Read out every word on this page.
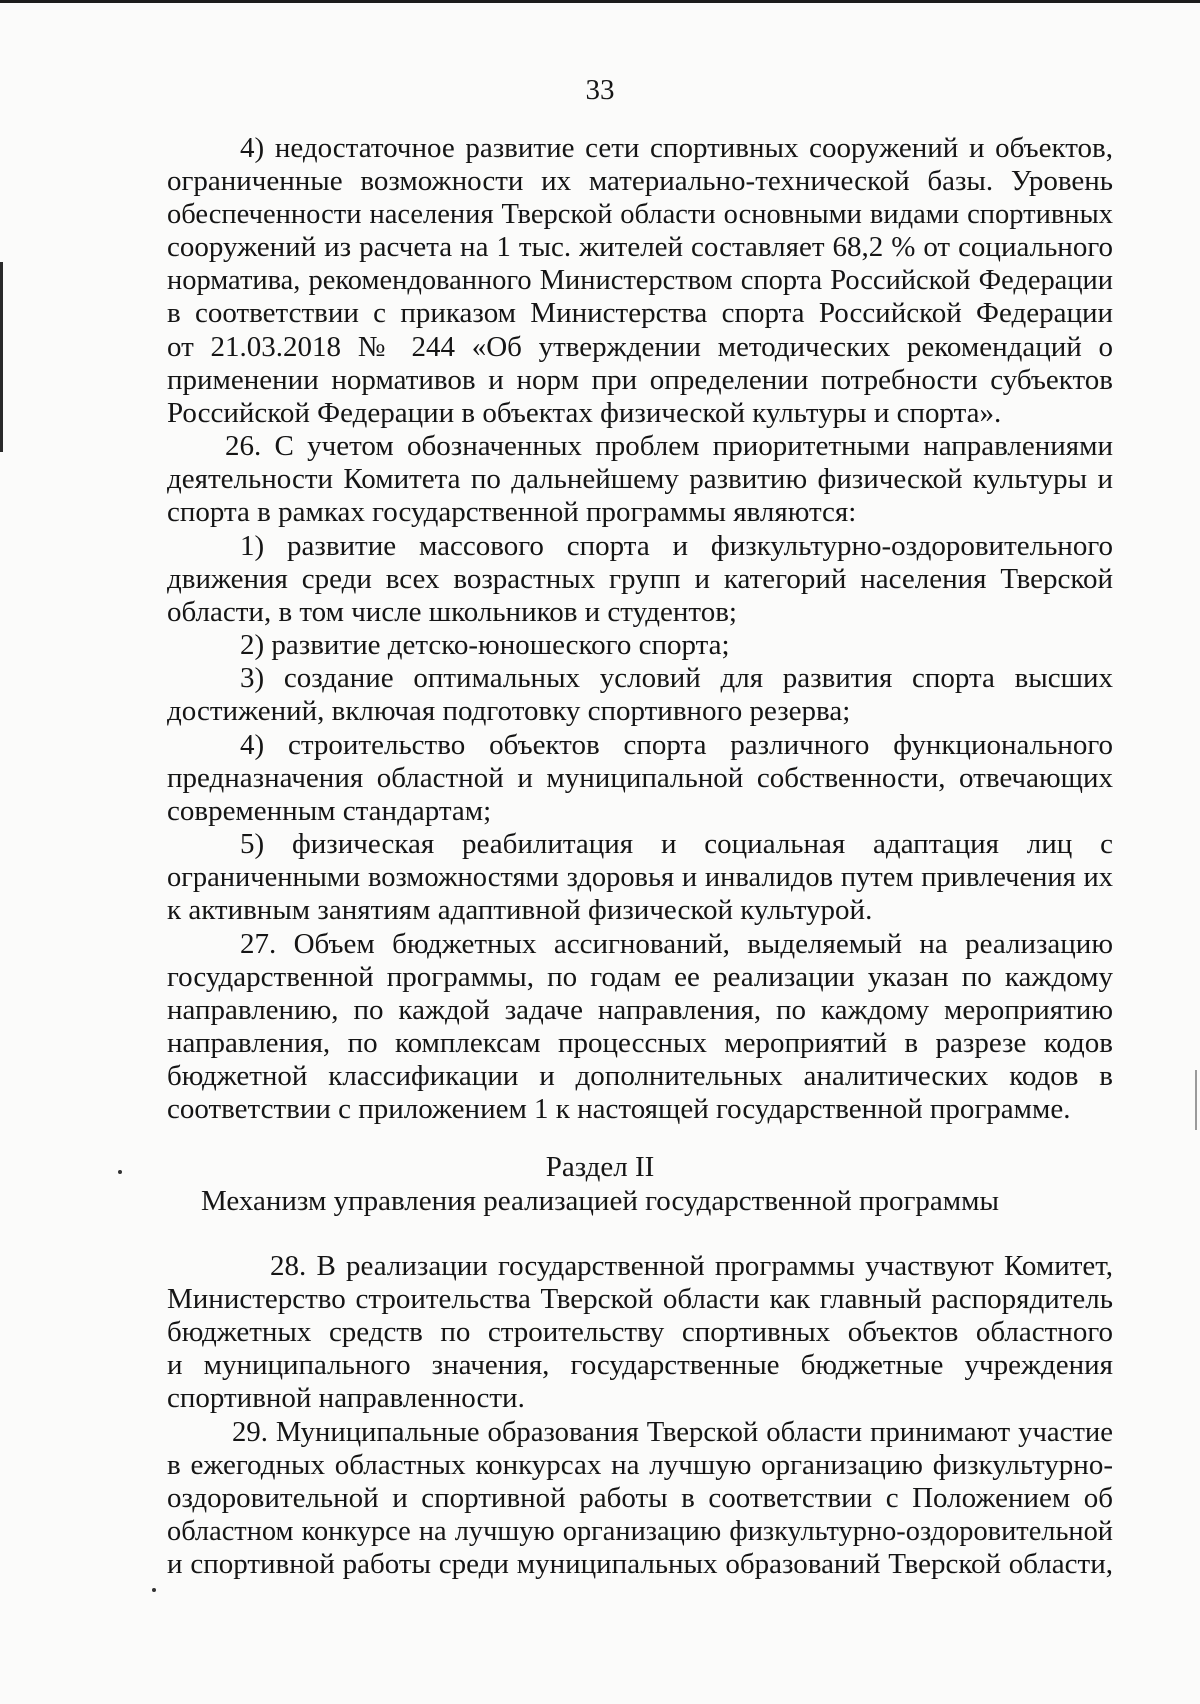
33
4) недостаточное развитие сети спортивных сооружений и объектов,
ограниченные возможности их материально-технической базы. Уровень
обеспеченности населения Тверской области основными видами спортивных
сооружений из расчета на 1 тыс. жителей составляет 68,2 % от социального
норматива, рекомендованного Министерством спорта Российской Федерации
в соответствии с приказом Министерства спорта Российской Федерации
от 21.03.2018 № 244 «Об утверждении методических рекомендаций о
применении нормативов и норм при определении потребности субъектов
Российской Федерации в объектах физической культуры и спорта».
26. С учетом обозначенных проблем приоритетными направлениями
деятельности Комитета по дальнейшему развитию физической культуры и
спорта в рамках государственной программы являются:
1) развитие массового спорта и физкультурно-оздоровительного
движения среди всех возрастных групп и категорий населения Тверской
области, в том числе школьников и студентов;
2) развитие детско-юношеского спорта;
3) создание оптимальных условий для развития спорта высших
достижений, включая подготовку спортивного резерва;
4) строительство объектов спорта различного функционального
предназначения областной и муниципальной собственности, отвечающих
современным стандартам;
5) физическая реабилитация и социальная адаптация лиц с
ограниченными возможностями здоровья и инвалидов путем привлечения их
к активным занятиям адаптивной физической культурой.
27. Объем бюджетных ассигнований, выделяемый на реализацию
государственной программы, по годам ее реализации указан по каждому
направлению, по каждой задаче направления, по каждому мероприятию
направления, по комплексам процессных мероприятий в разрезе кодов
бюджетной классификации и дополнительных аналитических кодов в
соответствии с приложением 1 к настоящей государственной программе.
Раздел II
Механизм управления реализацией государственной программы
28. В реализации государственной программы участвуют Комитет,
Министерство строительства Тверской области как главный распорядитель
бюджетных средств по строительству спортивных объектов областного
и муниципального значения, государственные бюджетные учреждения
спортивной направленности.
29. Муниципальные образования Тверской области принимают участие
в ежегодных областных конкурсах на лучшую организацию физкультурно-
оздоровительной и спортивной работы в соответствии с Положением об
областном конкурсе на лучшую организацию физкультурно-оздоровительной
и спортивной работы среди муниципальных образований Тверской области,
